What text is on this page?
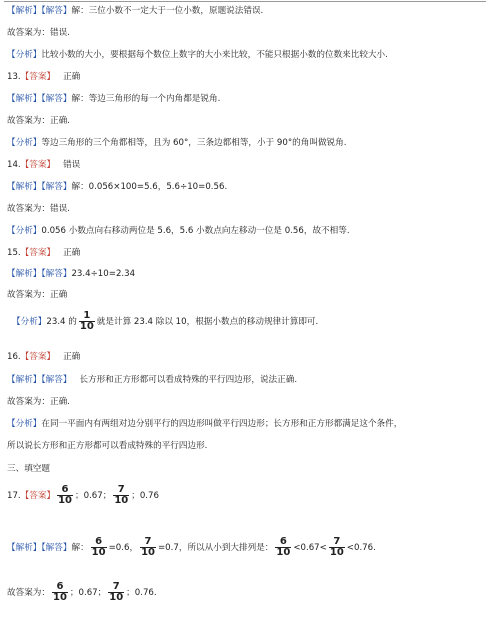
【解析】【解答】解：三位小数不一定大于一位小数，原题说法错误.
故答案为：错误.
【分析】比较小数的大小，要根据每个数位上数字的大小来比较，不能只根据小数的位数来比较大小.
13.【答案】 正确
【解析】【解答】解：等边三角形的每一个内角都是锐角.
故答案为：正确.
【分析】等边三角形的三个角都相等，且为 60°，三条边都相等，小于 90°的角叫做锐角.
14.【答案】 错误
【解析】【解答】解：0.056×100=5.6，5.6÷10=0.56.
故答案为：错误.
【分析】0.056 小数点向右移动两位是 5.6，5.6 小数点向左移动一位是 0.56，故不相等.
15.【答案】 正确
【解析】【解答】23.4÷10=2.34
故答案为：正确
【分析】23.4 的 $\frac{1}{10}$ 就是计算 23.4 除以 10，根据小数点的移动规律计算即可.
16.【答案】 正确
【解析】【解答】 长方形和正方形都可以看成特殊的平行四边形，说法正确.
故答案为：正确.
【分析】在同一平面内有两组对边分别平行的四边形叫做平行四边形；长方形和正方形都满足这个条件，
所以说长方形和正方形都可以看成特殊的平行四边形.
三、填空题
17.【答案】 $\frac{6}{10}$ ；0.67； $\frac{7}{10}$ ；0.76
【解析】【解答】解： $\frac{6}{10} =0.6$， $\frac{7}{10} =0.7$，所以从小到大排列是： $\frac{6}{10} <0.67< \frac{7}{10} <0.76$.
故答案为： $\frac{6}{10}$ ；0.67； $\frac{7}{10}$ ；0.76.
